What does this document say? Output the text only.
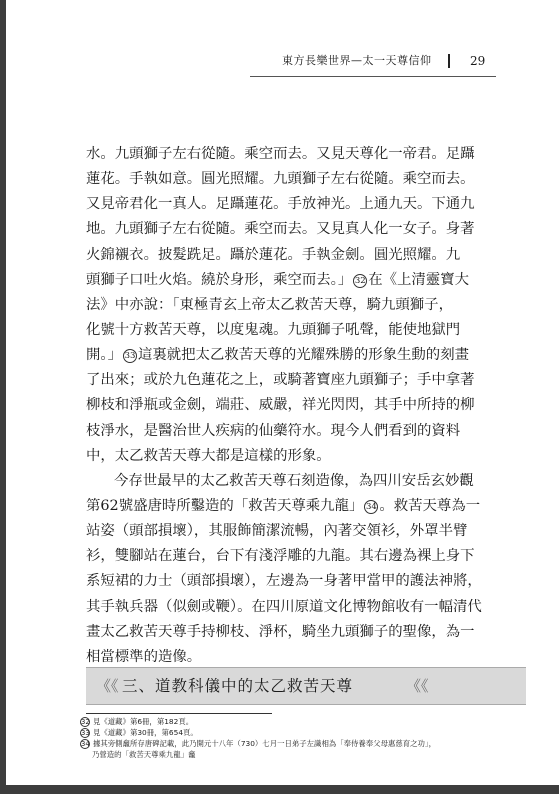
東方長樂世界—太一天尊信仰	29
水。九頭獅子左右從隨。乘空而去。又見天尊化一帝君。足躡
蓮花。手執如意。圓光照耀。九頭獅子左右從隨。乘空而去。
又見帝君化一真人。足躡蓮花。手放神光。上通九天。下通九
地。九頭獅子左右從隨。乘空而去。又見真人化一女子。身著
火錦襯衣。披髮跣足。躡於蓮花。手執金劍。圓光照耀。九
頭獅子口吐火焰。繞於身形，乘空而去。」 32 在《上清靈寶大
法》中亦說：「東極青玄上帝太乙救苦天尊，騎九頭獅子，
化號十方救苦天尊，以度鬼魂。九頭獅子吼聲，能使地獄門
開。」 33 這裏就把太乙救苦天尊的光耀殊勝的形象生動的刻畫
了出來；或於九色蓮花之上，或騎著寶座九頭獅子；手中拿著
柳枝和淨瓶或金劍，端莊、威嚴，祥光閃閃，其手中所持的柳
枝淨水，是醫治世人疾病的仙藥符水。現今人們看到的資料
中，太乙救苦天尊大都是這樣的形象。
今存世最早的太乙救苦天尊石刻造像，為四川安岳玄妙觀
第62號盛唐時所鑿造的「救苦天尊乘九龍」 34 。救苦天尊為一
站姿（頭部損壞），其服飾簡潔流暢，內著交領衫，外罩半臂
衫，雙腳站在蓮台，台下有淺浮雕的九龍。其右邊為裸上身下
系短裙的力士（頭部損壞），左邊為一身著甲當甲的護法神將，
其手執兵器（似劍或鞭）。在四川原道文化博物館收有一幅清代
畫太乙救苦天尊手持柳枝、淨杯，騎坐九頭獅子的聖像，為一
相當標準的造像。
《《 三、道教科儀中的太乙救苦天尊	《《
32 見《道藏》第6冊，第182頁。
33 見《道藏》第30冊，第654頁。
34 據其旁側龕所存唐碑記載，此乃開元十八年（730）七月一日弟子左識相為「奉侍養奉父母惠慈育之功」，
乃營造的「救苦天尊乘九龍」龕
